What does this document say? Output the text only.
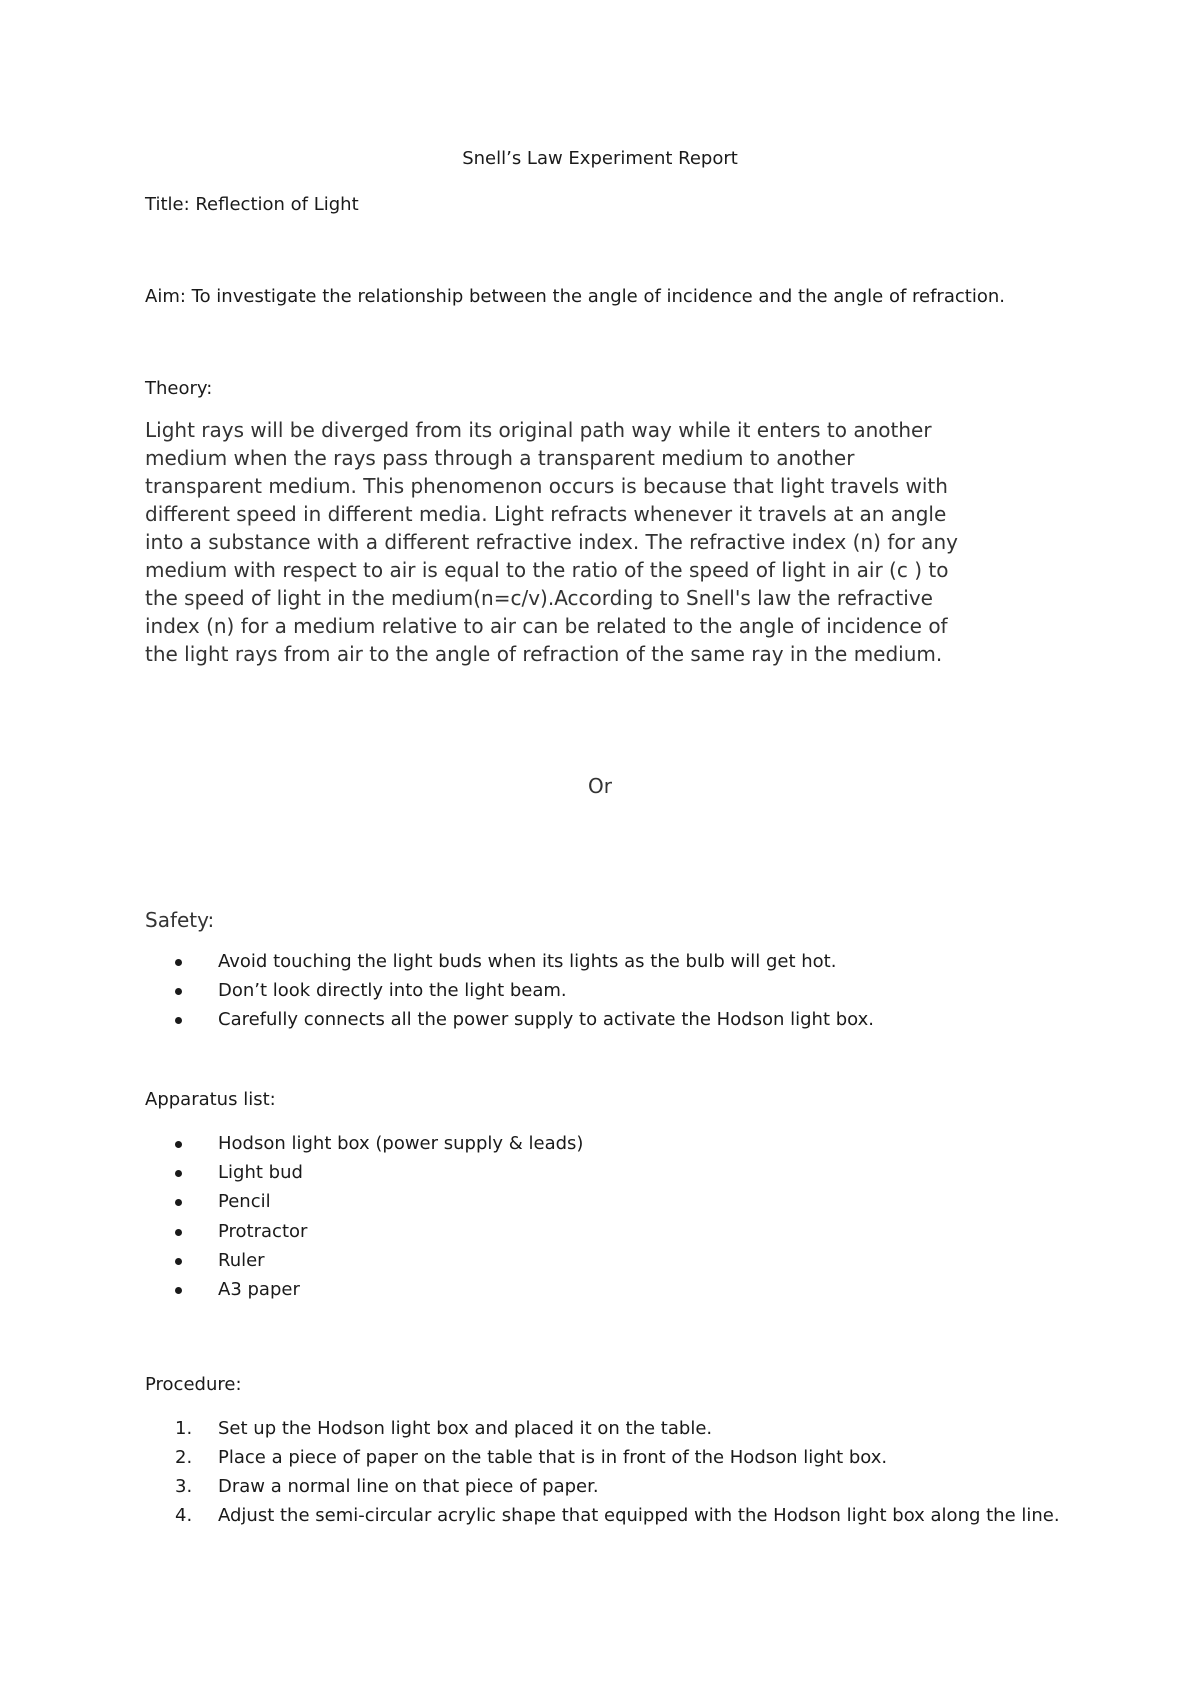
Snell’s Law Experiment Report

Title: Reflection of Light

Aim: To investigate the relationship between the angle of incidence and the angle of refraction.

Theory:

Light rays will be diverged from its original path way while it enters to another
medium when the rays pass through a transparent medium to another
transparent medium. This phenomenon occurs is because that light travels with
different speed in different media. Light refracts whenever it travels at an angle
into a substance with a different refractive index. The refractive index (n) for any
medium with respect to air is equal to the ratio of the speed of light in air (c ) to
the speed of light in the medium(n=c/v).According to Snell's law the refractive
index (n) for a medium relative to air can be related to the angle of incidence of
the light rays from air to the angle of refraction of the same ray in the medium.

Or

Safety:

Avoid touching the light buds when its lights as the bulb will get hot.
Don’t look directly into the light beam.
Carefully connects all the power supply to activate the Hodson light box.

Apparatus list:

Hodson light box (power supply & leads)
Light bud
Pencil
Protractor
Ruler
A3 paper

Procedure:

1. Set up the Hodson light box and placed it on the table.
2. Place a piece of paper on the table that is in front of the Hodson light box.
3. Draw a normal line on that piece of paper.
4. Adjust the semi-circular acrylic shape that equipped with the Hodson light box along the line.
